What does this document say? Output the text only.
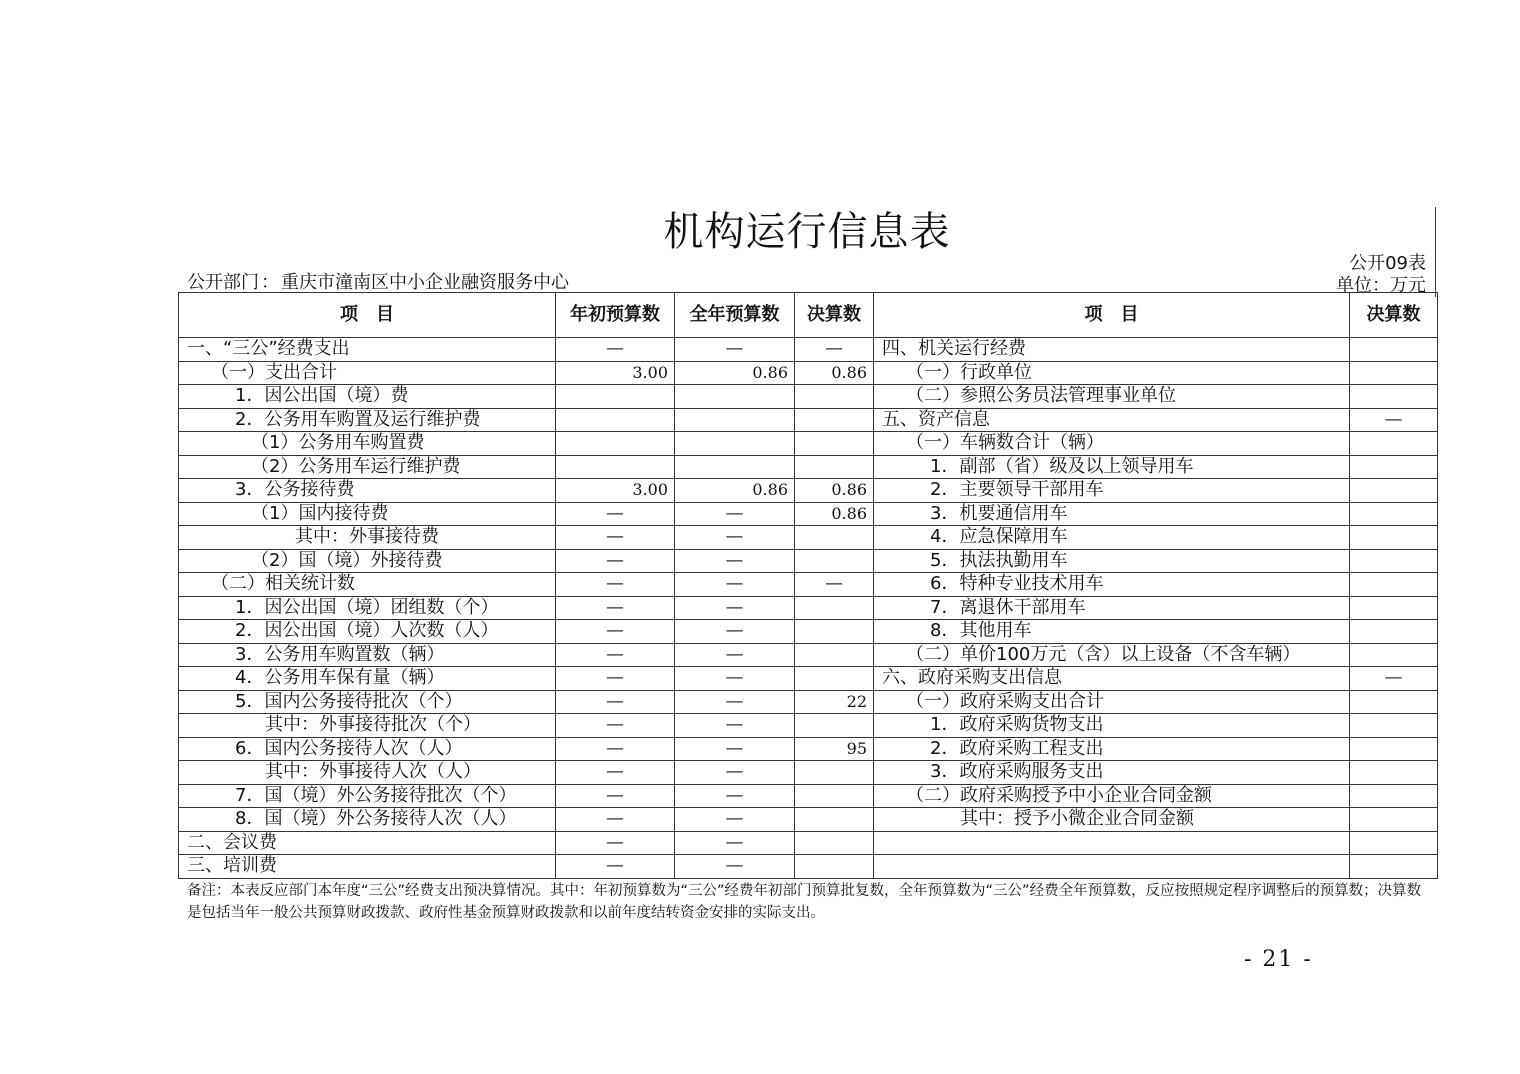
机构运行信息表
公开09表
单位：万元
公开部门 ： 重庆市潼南区中小企业融资服务中心
项　目	年初预算数	全年预算数	决算数	项　目	决算数
一、“三公”经费支出	—	—	—	四、机关运行经费	
（一）支出合计	3.00	0.86	0.86	（一）行政单位	
1．因公出国（境）费				（二）参照公务员法管理事业单位	
2．公务用车购置及运行维护费				五、资产信息	—
（1）公务用车购置费				（一）车辆数合计（辆）	
（2）公务用车运行维护费				1．副部（省）级及以上领导用车	
3．公务接待费	3.00	0.86	0.86	2．主要领导干部用车	
（1）国内接待费	—	—	0.86	3．机要通信用车	
其中：外事接待费	—	—		4．应急保障用车	
（2）国（境）外接待费	—	—		5．执法执勤用车	
（二）相关统计数	—	—	—	6．特种专业技术用车	
1．因公出国（境）团组数（个）	—	—		7．离退休干部用车	
2．因公出国（境）人次数（人）	—	—		8．其他用车	
3．公务用车购置数（辆）	—	—		（二）单价100万元（含）以上设备（不含车辆）	
4．公务用车保有量（辆）	—	—		六、政府采购支出信息	—
5．国内公务接待批次（个）	—	—	22	（一）政府采购支出合计	
其中：外事接待批次（个）	—	—		1．政府采购货物支出	
6．国内公务接待人次（人）	—	—	95	2．政府采购工程支出	
其中：外事接待人次（人）	—	—		3．政府采购服务支出	
7．国（境）外公务接待批次（个）	—	—		（二）政府采购授予中小企业合同金额	
8．国（境）外公务接待人次（人）	—	—		其中：授予小微企业合同金额	
二、会议费	—	—			
三、培训费	—	—			
备注：本表反应部门本年度“三公”经费支出预决算情况。其中：年初预算数为“三公”经费年初部门预算批复数，全年预算数为“三公”经费全年预算数，反应按照规定程序调整后的预算数；决算数是包括当年一般公共预算财政拨款、政府性基金预算财政拨款和以前年度结转资金安排的实际支出。
- 21 -
